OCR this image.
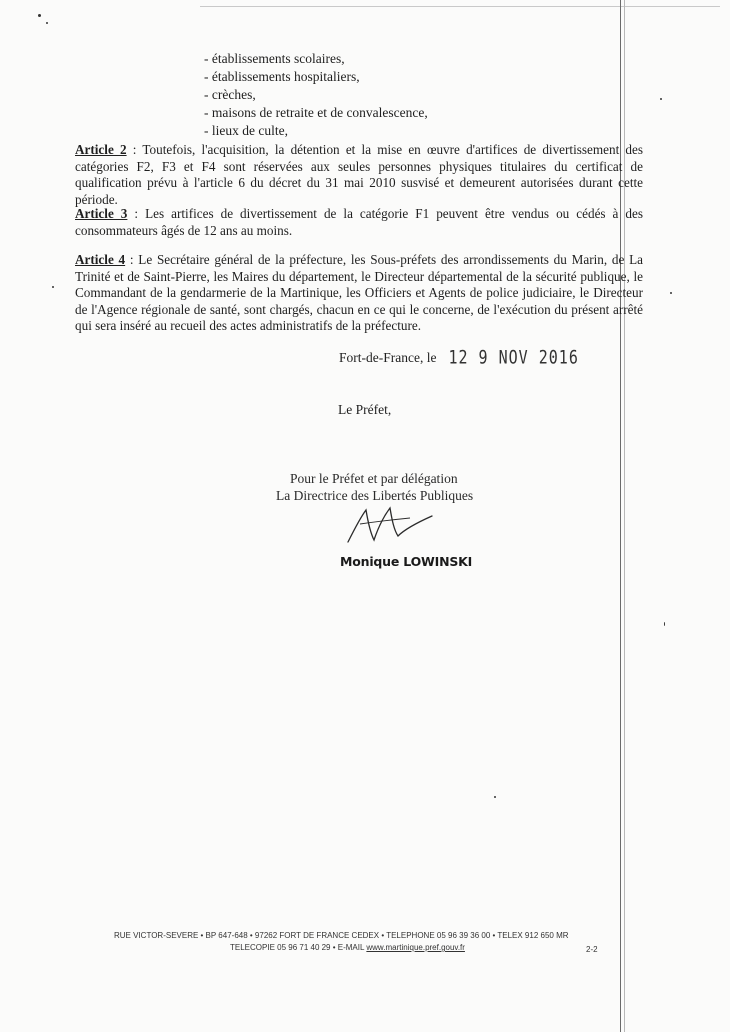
- établissements scolaires,
- établissements hospitaliers,
- crèches,
- maisons de retraite et de convalescence,
- lieux de culte,

Article 2 : Toutefois, l'acquisition, la détention et la mise en œuvre d'artifices de divertissement des catégories F2, F3 et F4 sont réservées aux seules personnes physiques titulaires du certificat de qualification prévu à l'article 6 du décret du 31 mai 2010 susvisé et demeurent autorisées durant cette période.

Article 3 : Les artifices de divertissement de la catégorie F1 peuvent être vendus ou cédés à des consommateurs âgés de 12 ans au moins.

Article 4 : Le Secrétaire général de la préfecture, les Sous-préfets des arrondissements du Marin, de La Trinité et de Saint-Pierre, les Maires du département, le Directeur départemental de la sécurité publique, le Commandant de la gendarmerie de la Martinique, les Officiers et Agents de police judiciaire, le Directeur de l'Agence régionale de santé, sont chargés, chacun en ce qui le concerne, de l'exécution du présent arrêté qui sera inséré au recueil des actes administratifs de la préfecture.

Fort-de-France, le 12 9 NOV 2016
Le Préfet,
Pour le Préfet et par délégation
La Directrice des Libertés Publiques
Monique LOWINSKI
RUE VICTOR-SEVERE • BP 647-648 • 97262 FORT DE FRANCE CEDEX • TELEPHONE 05 96 39 36 00 • TELEX 912 650 MR
TELECOPIE 05 96 71 40 29 • E-MAIL www.martinique.pref.gouv.fr	2-2
